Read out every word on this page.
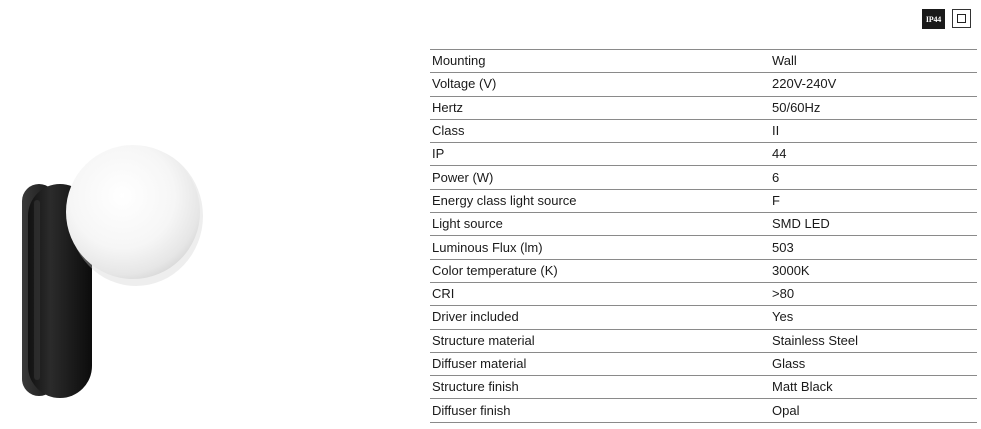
IP44
Mounting	Wall
Voltage (V)	220V-240V
Hertz	50/60Hz
Class	II
IP	44
Power (W)	6
Energy class light source	F
Light source	SMD LED
Luminous Flux (lm)	503
Color temperature (K)	3000K
CRI	>80
Driver included	Yes
Structure material	Stainless Steel
Diffuser material	Glass
Structure finish	Matt Black
Diffuser finish	Opal
